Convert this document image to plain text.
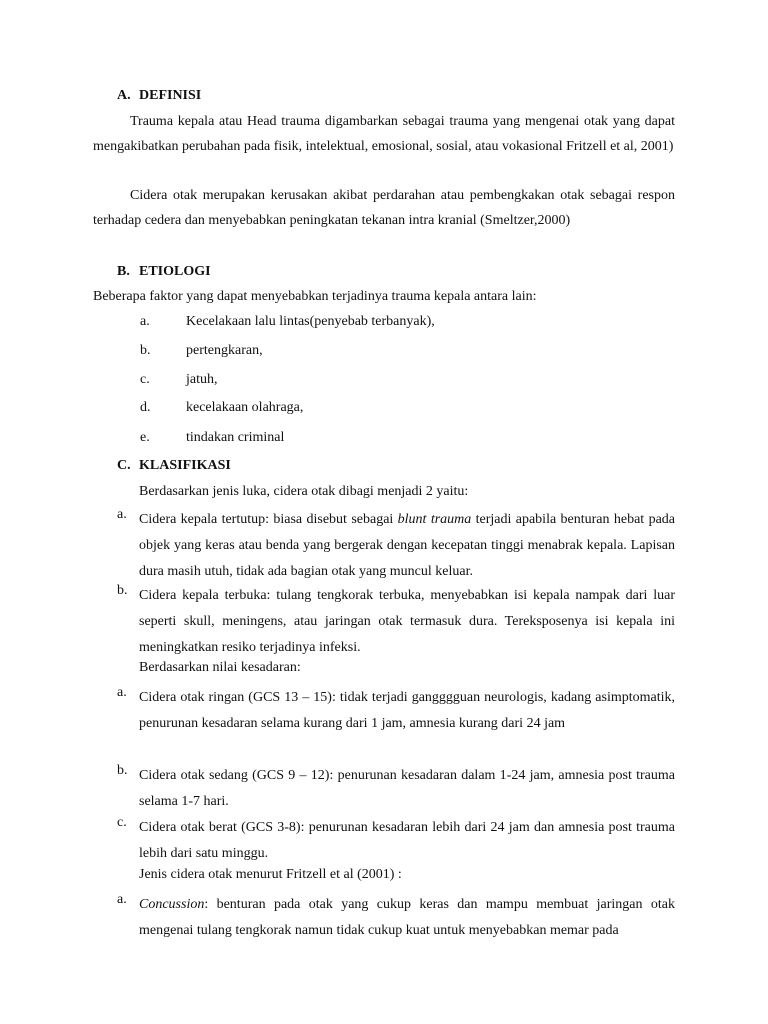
A. DEFINISI
Trauma kepala atau Head trauma digambarkan sebagai trauma yang mengenai otak yang dapat mengakibatkan perubahan pada fisik, intelektual, emosional, sosial, atau vokasional Fritzell et al, 2001)
Cidera otak merupakan kerusakan akibat perdarahan atau pembengkakan otak sebagai respon terhadap cedera dan menyebabkan peningkatan tekanan intra kranial (Smeltzer,2000)
B. ETIOLOGI
Beberapa faktor yang dapat menyebabkan terjadinya trauma kepala antara lain:
a.	Kecelakaan lalu lintas(penyebab terbanyak),
b.	pertengkaran,
c.	jatuh,
d.	kecelakaan olahraga,
e.	tindakan criminal
C. KLASIFIKASI
Berdasarkan jenis luka, cidera otak dibagi menjadi 2 yaitu:
a. Cidera kepala tertutup: biasa disebut sebagai blunt trauma terjadi apabila benturan hebat pada objek yang keras atau benda yang bergerak dengan kecepatan tinggi menabrak kepala. Lapisan dura masih utuh, tidak ada bagian otak yang muncul keluar.
b. Cidera kepala terbuka: tulang tengkorak terbuka, menyebabkan isi kepala nampak dari luar seperti skull, meningens, atau jaringan otak termasuk dura. Tereksposenya isi kepala ini meningkatkan resiko terjadinya infeksi.
Berdasarkan nilai kesadaran:
a. Cidera otak ringan (GCS 13 – 15): tidak terjadi gangggguan neurologis, kadang asimptomatik, penurunan kesadaran selama kurang dari 1 jam, amnesia kurang dari 24 jam
b. Cidera otak sedang (GCS 9 – 12): penurunan kesadaran dalam 1-24 jam, amnesia post trauma selama 1-7 hari.
c. Cidera otak berat (GCS 3-8): penurunan kesadaran lebih dari 24 jam dan amnesia post trauma lebih dari satu minggu.
Jenis cidera otak menurut Fritzell et al (2001) :
a. Concussion: benturan pada otak yang cukup keras dan mampu membuat jaringan otak mengenai tulang tengkorak namun tidak cukup kuat untuk menyebabkan memar pada
